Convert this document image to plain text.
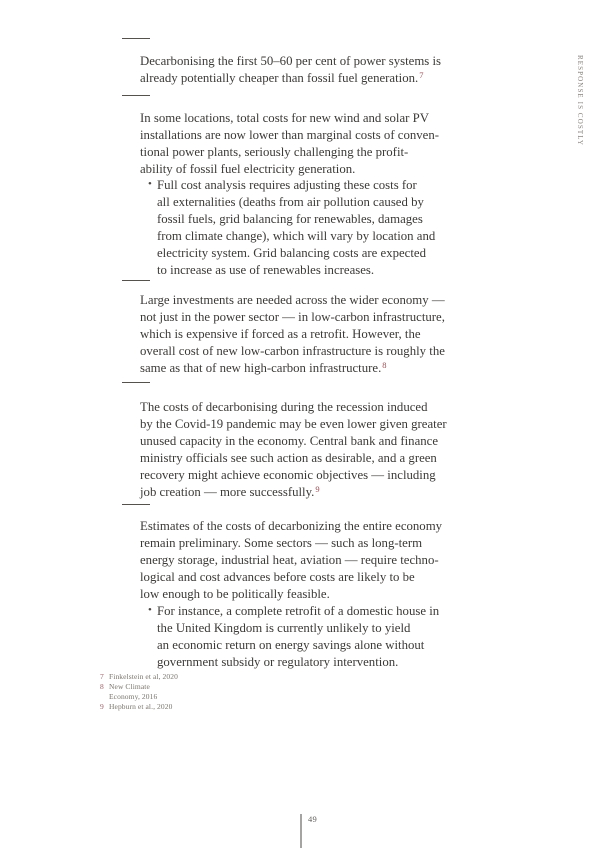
RESPONSE IS COSTLY
Decarbonising the first 50–60 per cent of power systems is
already potentially cheaper than fossil fuel generation.$^7$
In some locations, total costs for new wind and solar PV
installations are now lower than marginal costs of conven-
tional power plants, seriously challenging the profit-
ability of fossil fuel electricity generation.
• Full cost analysis requires adjusting these costs for
all externalities (deaths from air pollution caused by
fossil fuels, grid balancing for renewables, damages
from climate change), which will vary by location and
electricity system. Grid balancing costs are expected
to increase as use of renewables increases.
Large investments are needed across the wider economy —
not just in the power sector — in low-carbon infrastructure,
which is expensive if forced as a retrofit. However, the
overall cost of new low-carbon infrastructure is roughly the
same as that of new high-carbon infrastructure.$^8$
The costs of decarbonising during the recession induced
by the Covid-19 pandemic may be even lower given greater
unused capacity in the economy. Central bank and finance
ministry officials see such action as desirable, and a green
recovery might achieve economic objectives — including
job creation — more successfully.$^9$
Estimates of the costs of decarbonizing the entire economy
remain preliminary. Some sectors — such as long-term
energy storage, industrial heat, aviation — require techno-
logical and cost advances before costs are likely to be
low enough to be politically feasible.
• For instance, a complete retrofit of a domestic house in
the United Kingdom is currently unlikely to yield
an economic return on energy savings alone without
government subsidy or regulatory intervention.
7 Finkelstein et al, 2020
8 New Climate
Economy, 2016
9 Hepburn et al., 2020
49
